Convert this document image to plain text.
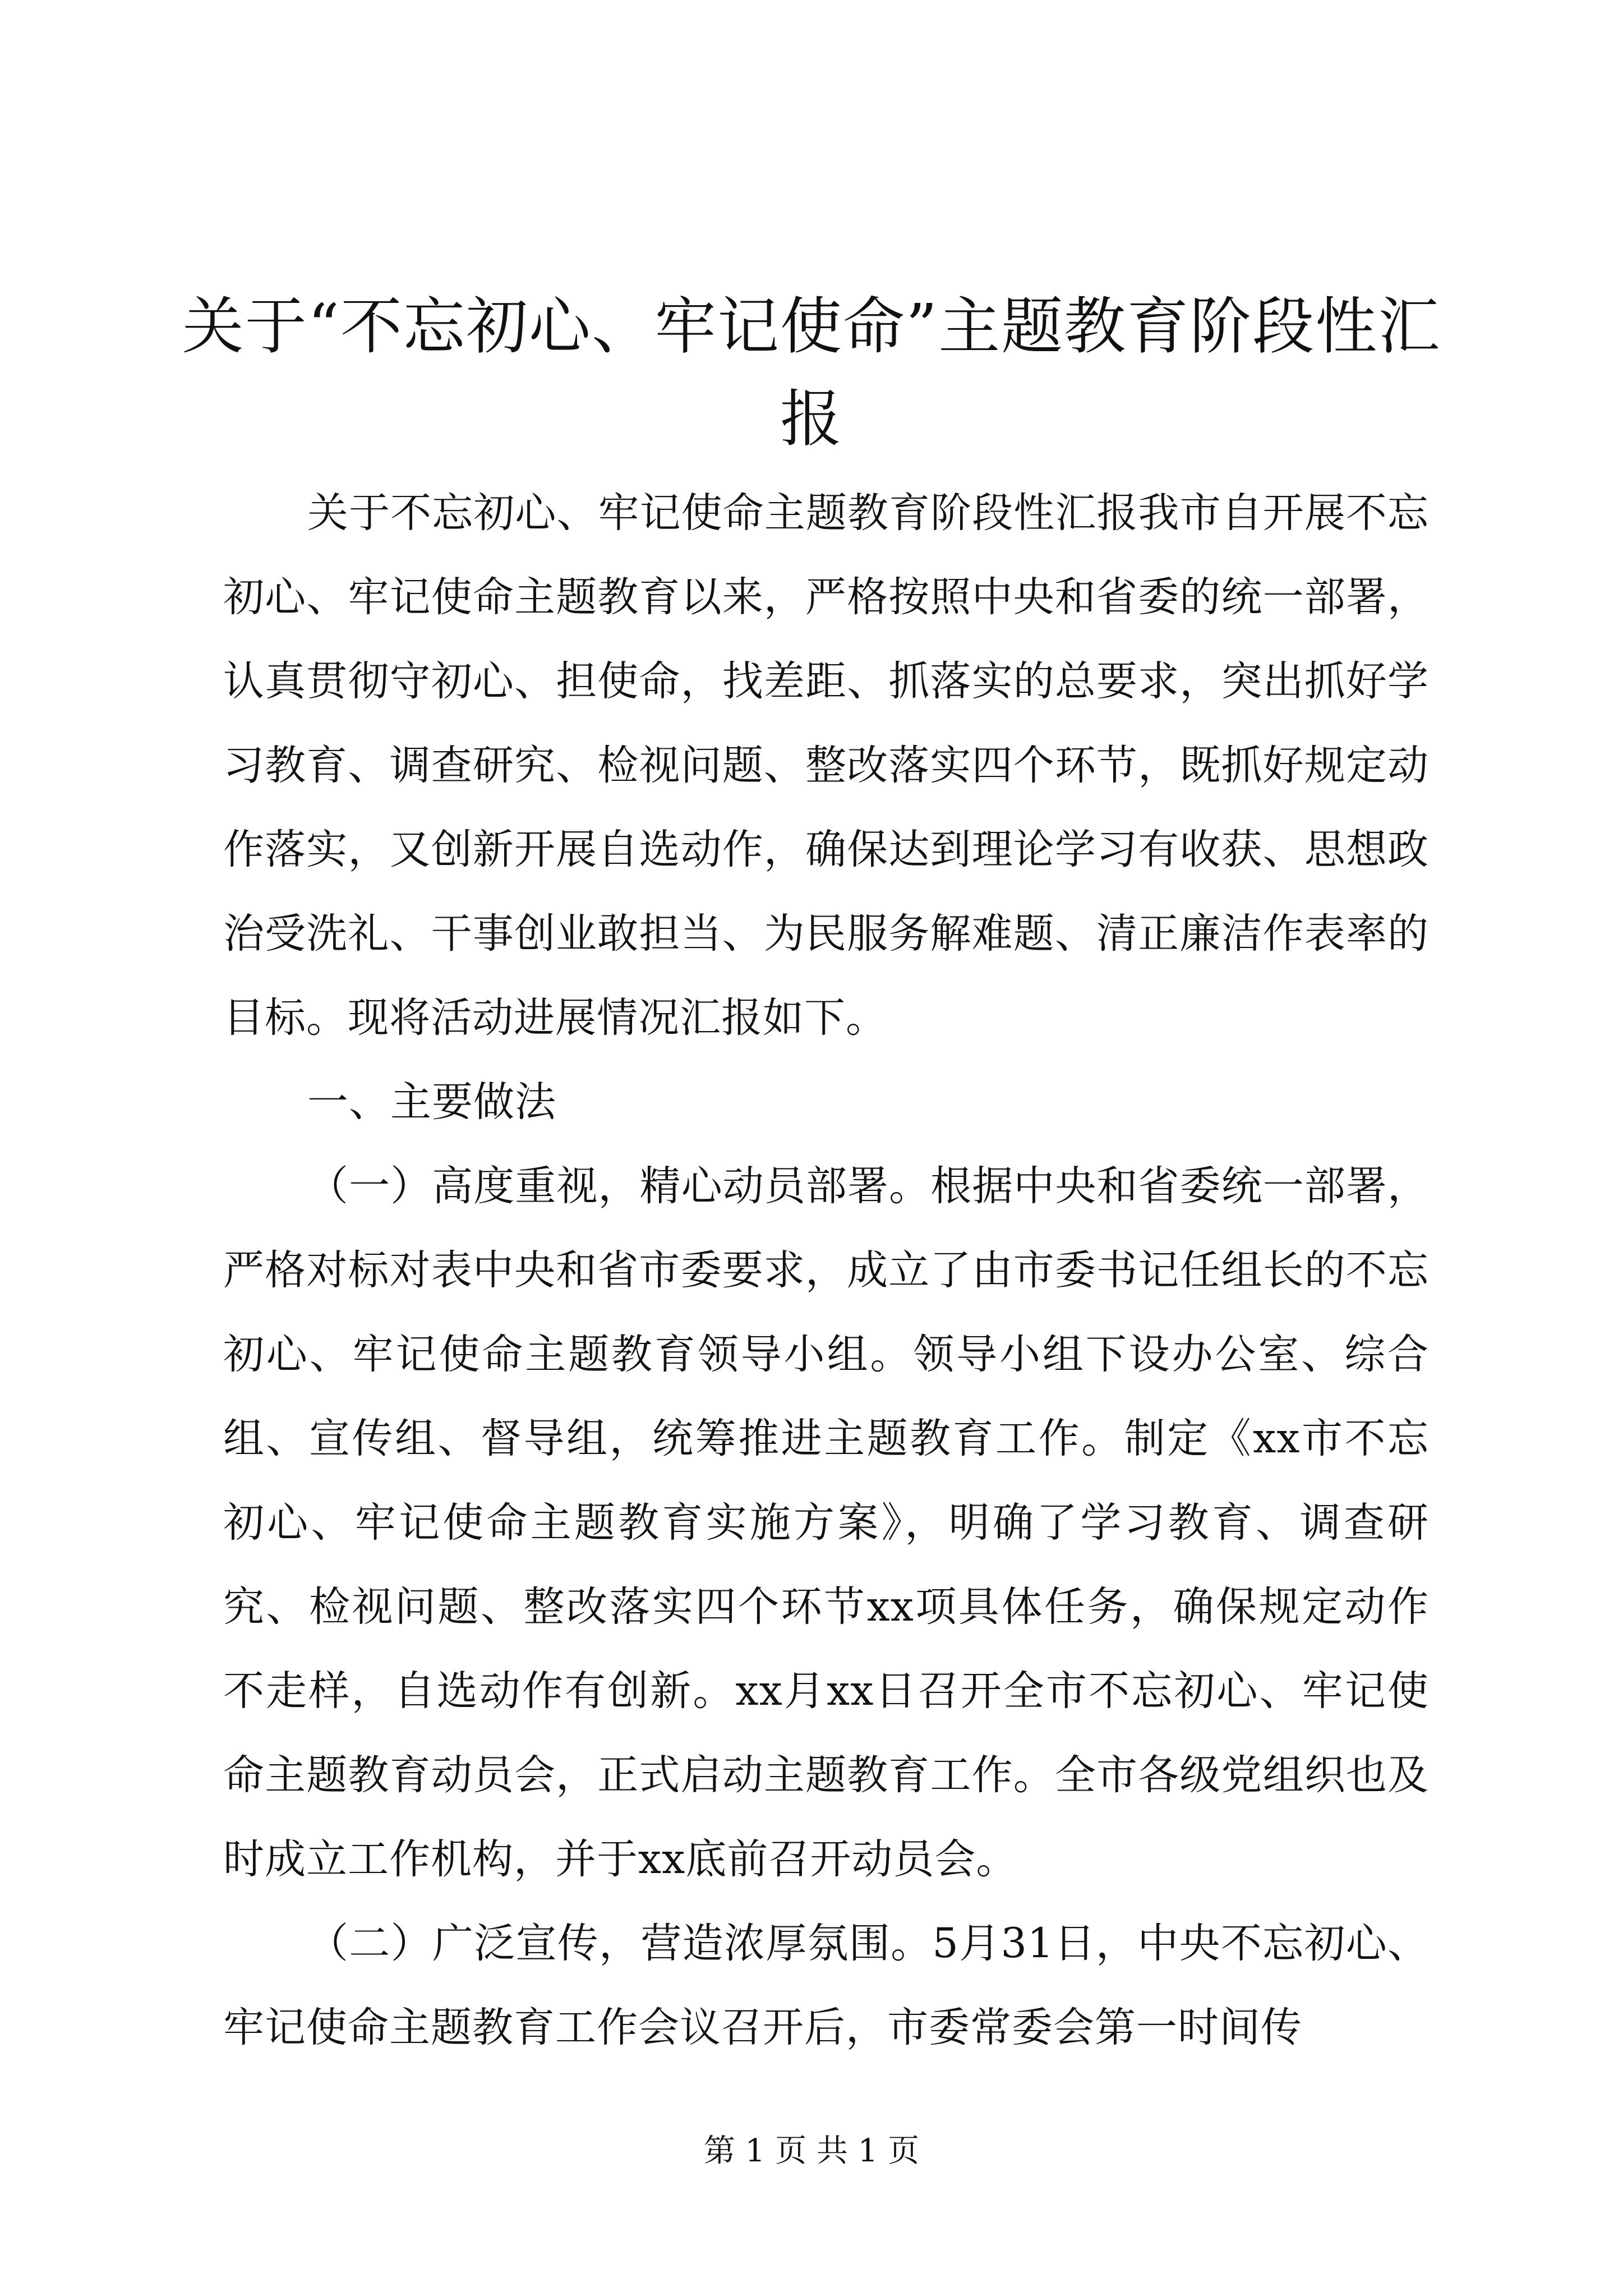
关于“不忘初心、牢记使命”主题教育阶段性汇报

关于不忘初心、牢记使命主题教育阶段性汇报我市自开展不忘初心、牢记使命主题教育以来，严格按照中央和省委的统一部署，认真贯彻守初心、担使命，找差距、抓落实的总要求，突出抓好学习教育、调查研究、检视问题、整改落实四个环节，既抓好规定动作落实，又创新开展自选动作，确保达到理论学习有收获、思想政治受洗礼、干事创业敢担当、为民服务解难题、清正廉洁作表率的目标。现将活动进展情况汇报如下。

一、主要做法

（一）高度重视，精心动员部署。根据中央和省委统一部署，严格对标对表中央和省市委要求，成立了由市委书记任组长的不忘初心、牢记使命主题教育领导小组。领导小组下设办公室、综合组、宣传组、督导组，统筹推进主题教育工作。制定《xx市不忘初心、牢记使命主题教育实施方案》，明确了学习教育、调查研究、检视问题、整改落实四个环节xx项具体任务，确保规定动作不走样，自选动作有创新。xx月xx日召开全市不忘初心、牢记使命主题教育动员会，正式启动主题教育工作。全市各级党组织也及时成立工作机构，并于xx底前召开动员会。

（二）广泛宣传，营造浓厚氛围。5月31日，中央不忘初心、牢记使命主题教育工作会议召开后，市委常委会第一时间传

第 1 页 共 1 页
